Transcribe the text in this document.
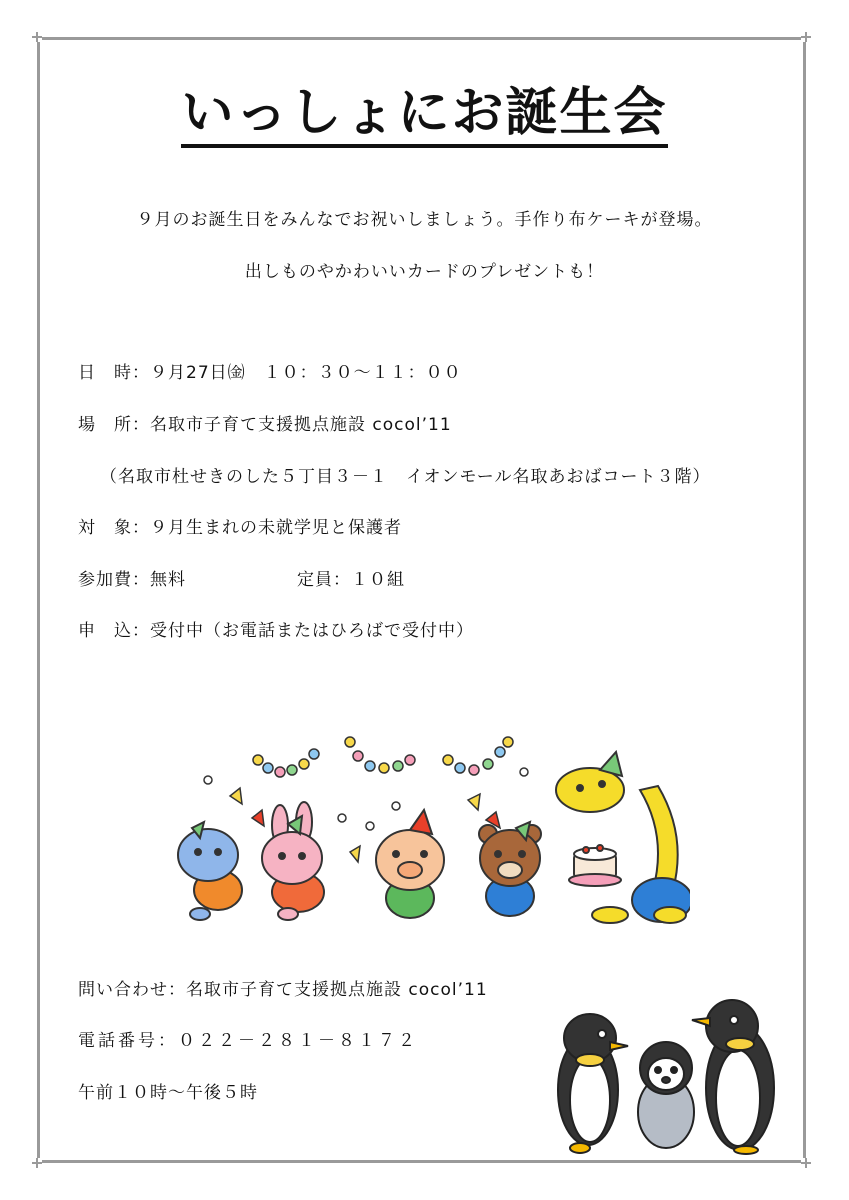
いっしょにお誕生会
９月のお誕生日をみんなでお祝いしましょう。手作り布ケーキが登場。
出しものやかわいいカードのプレゼントも！
日　時：９月27日㈮　１０：３０～１１：００
場　所：名取市子育て支援拠点施設 cocol’11
（名取市杜せきのした５丁目３－１　イオンモール名取あおばコート３階）
対　象：９月生まれの未就学児と保護者
参加費：無料	定員：１０組
申　込：受付中（お電話またはひろばで受付中）
問い合わせ：名取市子育て支援拠点施設 cocol’11
電話番号：０２２－２８１－８１７２
午前１０時～午後５時
